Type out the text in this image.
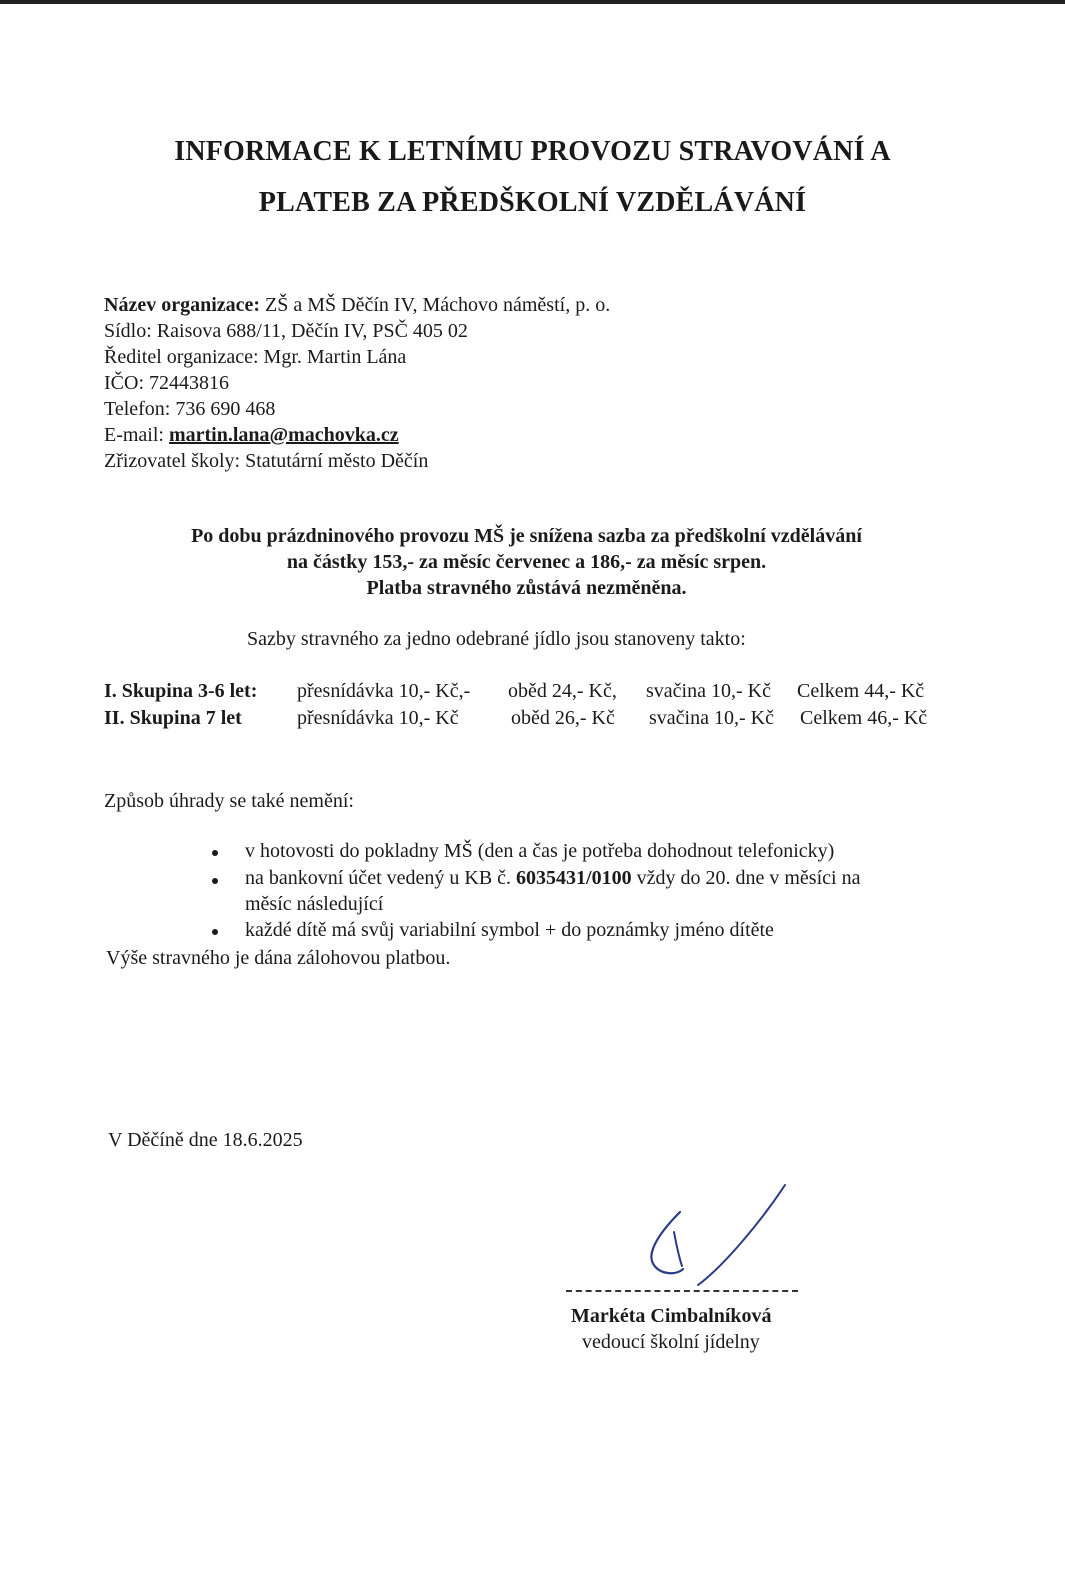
INFORMACE K LETNÍMU PROVOZU STRAVOVÁNÍ A
PLATEB ZA PŘEDŠKOLNÍ VZDĚLÁVÁNÍ
Název organizace: ZŠ a MŠ Děčín IV, Máchovo náměstí, p. o.
Sídlo: Raisova 688/11, Děčín IV, PSČ 405 02
Ředitel organizace: Mgr. Martin Lána
IČO: 72443816
Telefon: 736 690 468
E-mail: martin.lana@machovka.cz
Zřizovatel školy: Statutární město Děčín
Po dobu prázdninového provozu MŠ je snížena sazba za předškolní vzdělávání
na částky 153,- za měsíc červenec a 186,- za měsíc srpen.
Platba stravného zůstává nezměněna.
Sazby stravného za jedno odebrané jídlo jsou stanoveny takto:
I. Skupina 3-6 let: přesnídávka 10,- Kč,- oběd 24,- Kč, svačina 10,- Kč Celkem 44,- Kč
II. Skupina 7 let	přesnídávka 10,- Kč	oběd 26,- Kč svačina 10,- Kč Celkem 46,- Kč
Způsob úhrady se také nemění:
v hotovosti do pokladny MŠ (den a čas je potřeba dohodnout telefonicky)
na bankovní účet vedený u KB č. 6035431/0100 vždy do 20. dne v měsíci na
měsíc následující
každé dítě má svůj variabilní symbol + do poznámky jméno dítěte
Výše stravného je dána zálohovou platbou.
V Děčíně dne 18.6.2025
Markéta Cimbalníková
vedoucí školní jídelny
